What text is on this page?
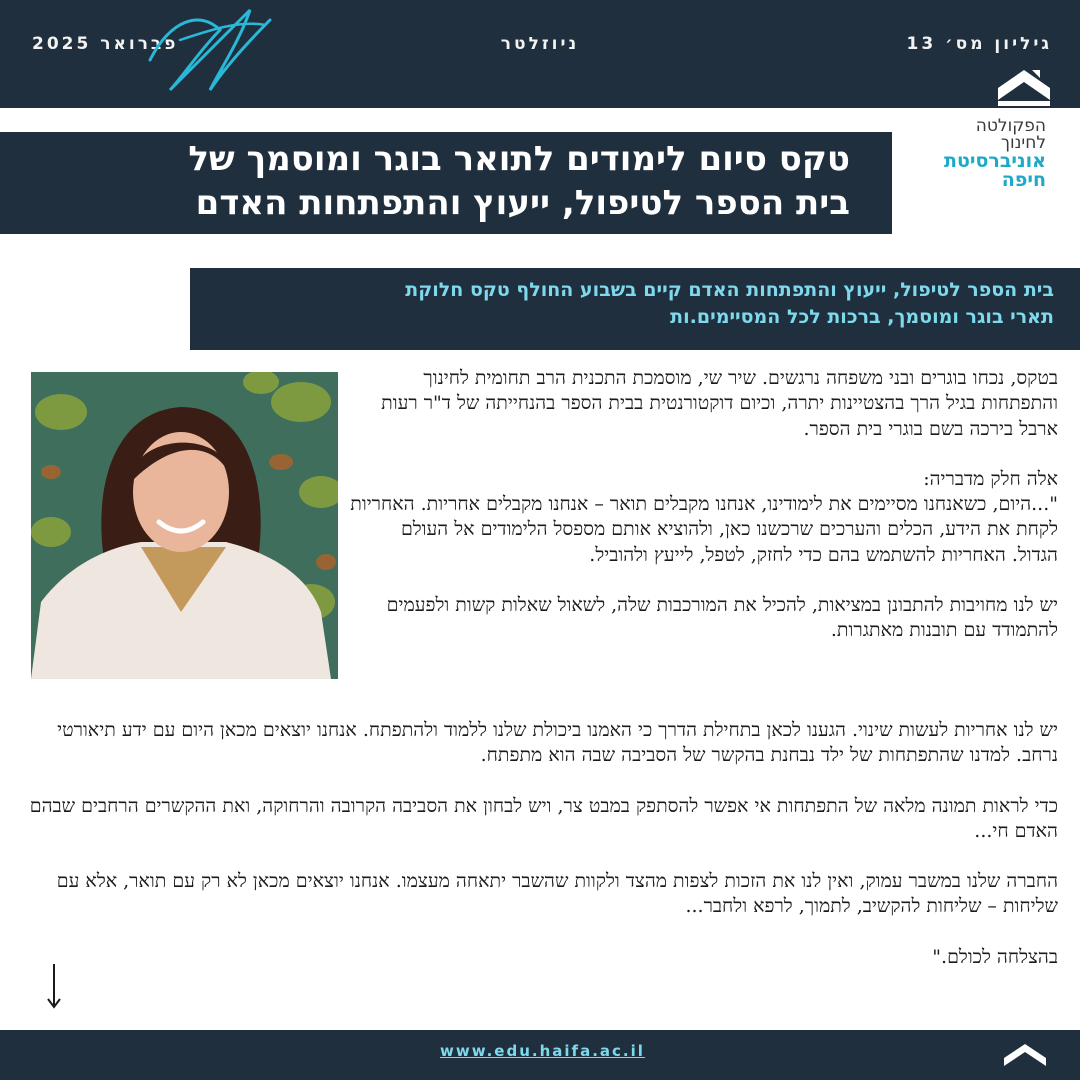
גיליון מס׳ 13
ניוזלטר
פברואר 2025
הפקולטה
לחינוך
אוניברסיטת
חיפה
טקס סיום לימודים לתואר בוגר ומוסמך של
בית הספר לטיפול, ייעוץ והתפתחות האדם
בית הספר לטיפול, ייעוץ והתפתחות האדם קיים בשבוע החולף טקס חלוקת
תארי בוגר ומוסמך, ברכות לכל המסיימים.ות

בטקס, נכחו בוגרים ובני משפחה נרגשים. שיר שי, מוסמכת התכנית הרב תחומית לחינוך והתפתחות בגיל הרך בהצטיינות יתרה, וכיום דוקטורנטית בבית הספר בהנחייתה של ד"ר רעות ארבל בירכה בשם בוגרי בית הספר.

אלה חלק מדבריה:

"...היום, כשאנחנו מסיימים את לימודינו, אנחנו מקבלים תואר – אנחנו מקבלים אחריות. האחריות לקחת את הידע, הכלים והערכים שרכשנו כאן, ולהוציא אותם מספסל הלימודים אל העולם הגדול. האחריות להשתמש בהם כדי לחזק, לטפל, לייעץ ולהוביל.

יש לנו מחויבות להתבונן במציאות, להכיל את המורכבות שלה, לשאול שאלות קשות ולפעמים להתמודד עם תובנות מאתגרות.

יש לנו אחריות לעשות שינוי. הגענו לכאן בתחילת הדרך כי האמנו ביכולת שלנו ללמוד ולהתפתח. אנחנו יוצאים מכאן היום עם ידע תיאורטי נרחב. למדנו שהתפתחות של ילד נבחנת בהקשר של הסביבה שבה הוא מתפתח.

כדי לראות תמונה מלאה של התפתחות אי אפשר להסתפק במבט צר, ויש לבחון את הסביבה הקרובה והרחוקה, ואת ההקשרים הרחבים שבהם האדם חי...

החברה שלנו במשבר עמוק, ואין לנו את הזכות לצפות מהצד ולקוות שהשבר יתאחה מעצמו. אנחנו יוצאים מכאן לא רק עם תואר, אלא עם שליחות – שליחות להקשיב, לתמוך, לרפא ולחבר...

בהצלחה לכולם."

www.edu.haifa.ac.il
